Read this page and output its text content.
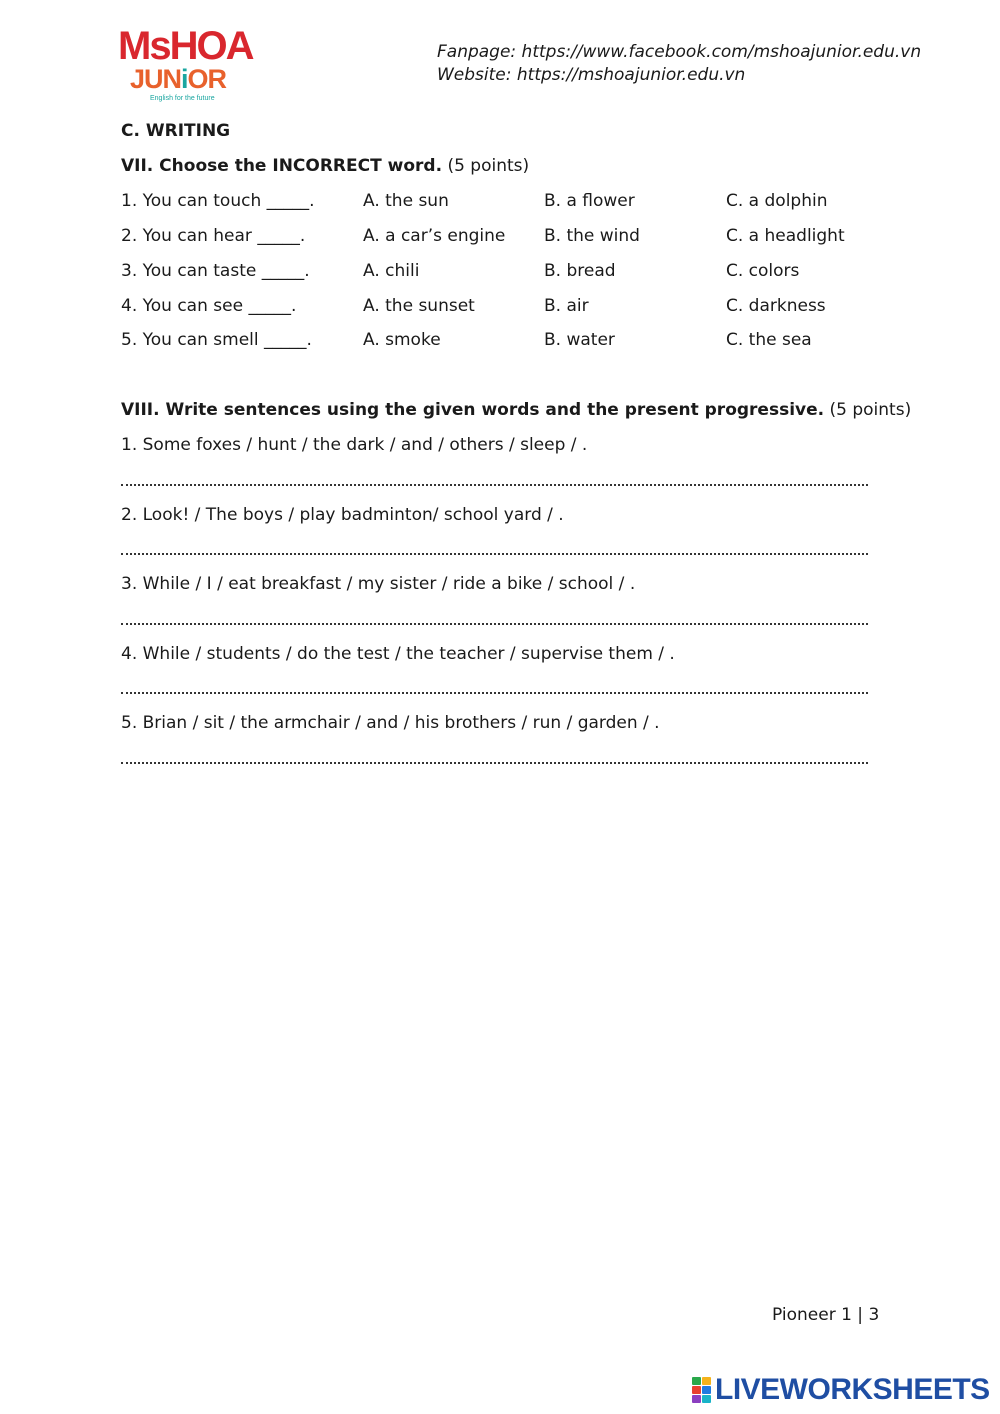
MsHOA
JUNiOR
English for the future
Fanpage: https://www.facebook.com/mshoajunior.edu.vn
Website: https://mshoajunior.edu.vn
C. WRITING
VII. Choose the INCORRECT word. (5 points)
1. You can touch _____.	A. the sun	B. a flower	C. a dolphin
2. You can hear _____.	A. a car’s engine B. the wind	C. a headlight
3. You can taste _____.	A. chili	B. bread	C. colors
4. You can see _____.	A. the sunset	B. air	C. darkness
5. You can smell _____.	A. smoke	B. water	C. the sea
VIII. Write sentences using the given words and the present progressive. (5 points)
1. Some foxes / hunt / the dark / and / others / sleep / .
2. Look! / The boys / play badminton/ school yard / .
3. While / I / eat breakfast / my sister / ride a bike / school / .
4. While / students / do the test / the teacher / supervise them / .
5. Brian / sit / the armchair / and / his brothers / run / garden / .
Pioneer 1 | 3
LIVEWORKSHEETS
